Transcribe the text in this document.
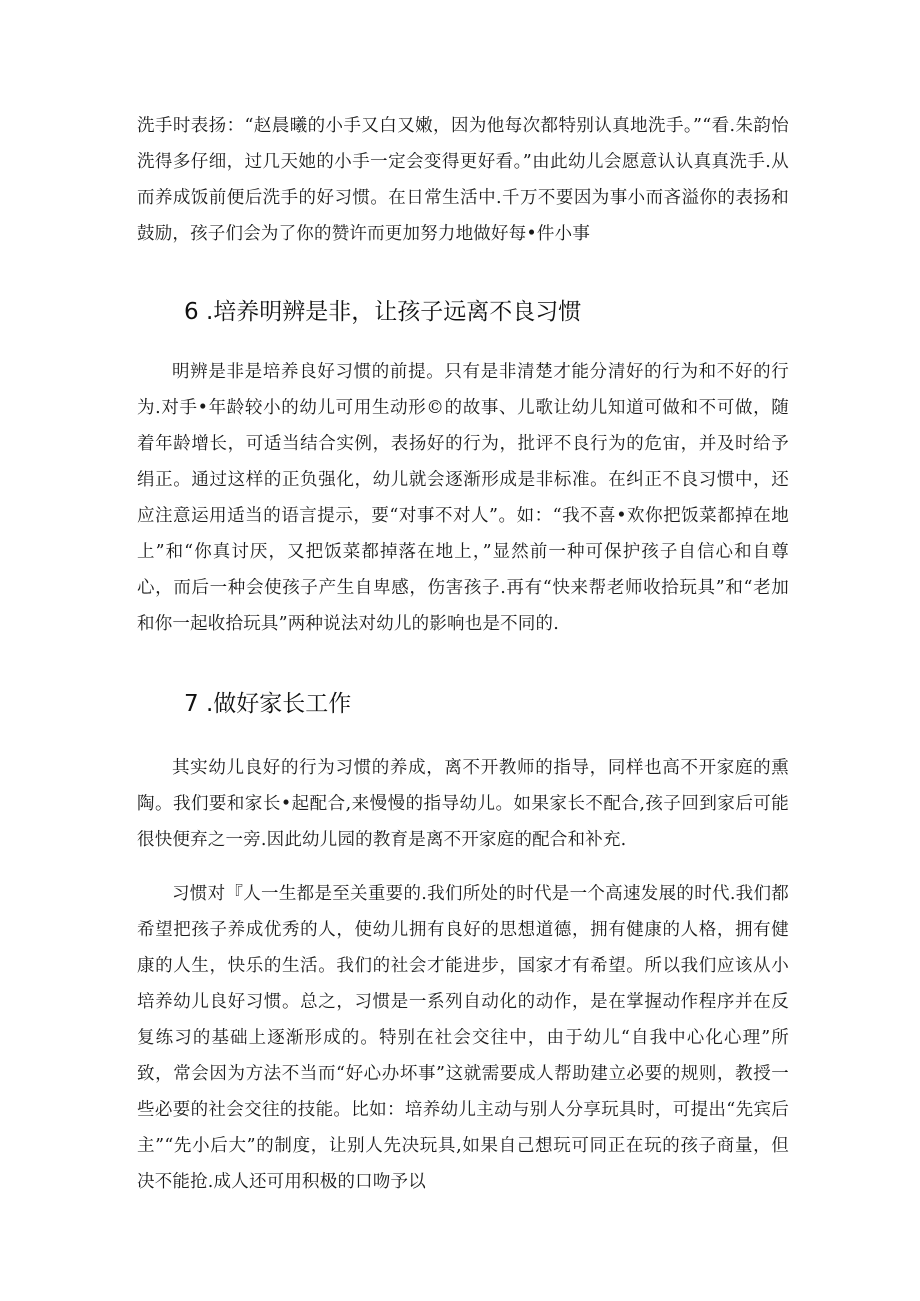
洗手时表扬：“赵晨曦的小手又白又嫩，因为他每次都特别认真地洗手。”“看.朱韵怡洗得多仔细，过几天她的小手一定会变得更好看。”由此幼儿会愿意认认真真洗手.从而养成饭前便后洗手的好习惯。在日常生活中.千万不要因为事小而吝溢你的表扬和鼓励，孩子们会为了你的赞许而更加努力地做好每•件小事

6 .培养明辨是非，让孩子远离不良习惯

明辨是非是培养良好习惯的前提。只有是非清楚才能分清好的行为和不好的行为.对手•年龄较小的幼儿可用生动形©的故事、儿歌让幼儿知道可做和不可做，随着年龄增长，可适当结合实例，表扬好的行为，批评不良行为的危宙，并及时给予绢正。通过这样的正负强化，幼儿就会逐渐形成是非标准。在纠正不良习惯中，还应注意运用适当的语言提示，要“对事不对人”。如：“我不喜•欢你把饭菜都掉在地上”和“你真讨厌，又把饭菜都掉落在地上，”显然前一种可保护孩子自信心和自尊心，而后一种会使孩子产生自卑感，伤害孩子.再有“快来帮老师收拾玩具”和“老加和你一起收拾玩具”两种说法对幼儿的影响也是不同的.

7 .做好家长工作

其实幼儿良好的行为习惯的养成，离不开教师的指导，同样也高不开家庭的熏陶。我们要和家长•起配合,来慢慢的指导幼儿。如果家长不配合,孩子回到家后可能很快便弃之一旁.因此幼儿园的教育是离不开家庭的配合和补充.

习惯对『人一生都是至关重要的.我们所处的时代是一个高速发展的时代.我们都希望把孩子养成优秀的人，使幼儿拥有良好的思想道德，拥有健康的人格，拥有健康的人生，快乐的生活。我们的社会才能进步，国家才有希望。所以我们应该从小培养幼儿良好习惯。总之，习惯是一系列自动化的动作，是在掌握动作程序并在反复练习的基础上逐渐形成的。特别在社会交往中，由于幼儿“自我中心化心理”所致，常会因为方法不当而“好心办坏事”这就需要成人帮助建立必要的规则，教授一些必要的社会交往的技能。比如：培养幼儿主动与别人分享玩具时，可提出“先宾后主”“先小后大”的制度，让别人先决玩具,如果自己想玩可同正在玩的孩子商量，但决不能抢.成人还可用积极的口吻予以
